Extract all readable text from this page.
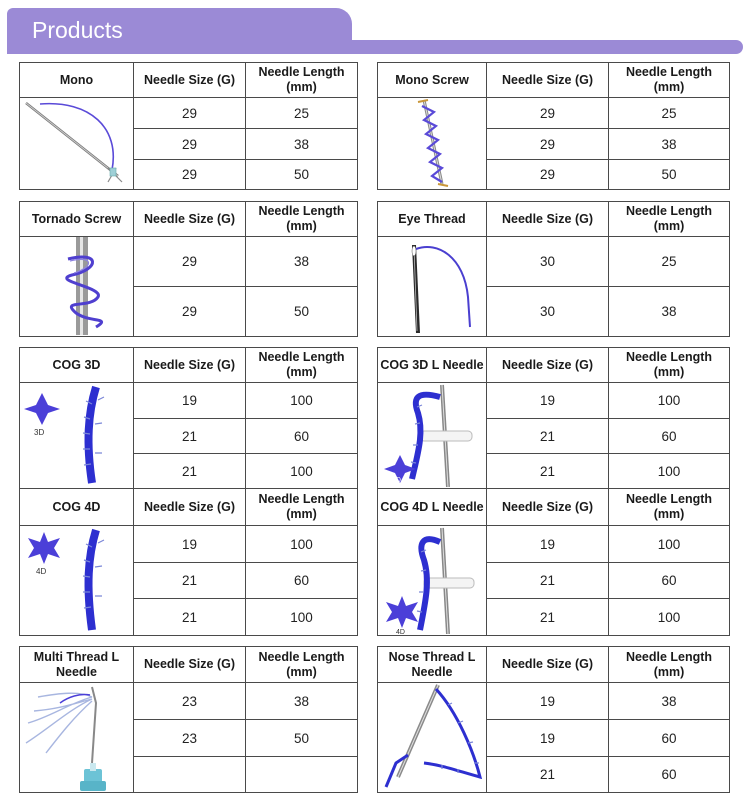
Products
Mono	Needle Size (G)	Needle Length (mm)

	29	25
	29	38
	29	50
Mono Screw	Needle Size (G)	Needle Length (mm)

	29	25
	29	38
	29	50
Tornado Screw	Needle Size (G)	Needle Length (mm)

	29	38
	29	50
Eye Thread	Needle Size (G)	Needle Length (mm)

	30	25
	30	38
COG 3D	Needle Size (G)	Needle Length (mm)

3D	19	100
	21	60
	21	100
COG 4D	Needle Size (G)	Needle Length (mm)

4D	19	100
	21	60
	21	100
COG 3D L Needle	Needle Size (G)	Needle Length (mm)

3D	19	100
	21	60
	21	100
COG 4D L Needle	Needle Size (G)	Needle Length (mm)

4D	19	100
	21	60
	21	100
Multi Thread L Needle	Needle Size (G)	Needle Length (mm)

	23	38
	23	50

Nose Thread L Needle	Needle Size (G)	Needle Length (mm)

	19	38
	19	60
	21	60
